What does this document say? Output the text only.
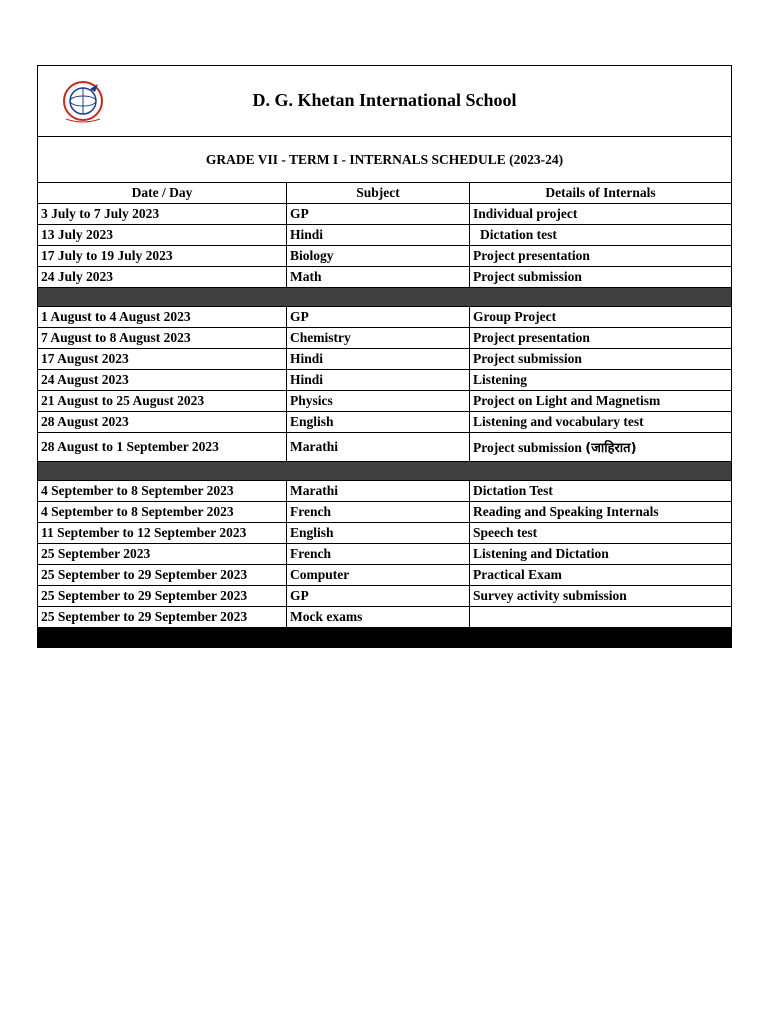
D. G. Khetan International School		

GRADE VII - TERM I - INTERNALS SCHEDULE (2023-24)		
Date / Day	Subject	Details of Internals
3 July to 7 July 2023	GP	Individual project
13 July 2023	Hindi	Dictation test
17 July to 19 July 2023	Biology	Project presentation
24 July 2023	Math	Project submission

1 August to 4 August 2023	GP	Group Project
7 August to 8 August 2023	Chemistry	Project presentation
17 August 2023	Hindi	Project submission
24 August 2023	Hindi	Listening
21 August to 25 August 2023	Physics	Project on Light and Magnetism
28 August 2023	English	Listening and vocabulary test
28 August to 1 September 2023	Marathi	Project submission (जाहिरात)

4 September to 8 September 2023	Marathi	Dictation Test
4 September to 8 September 2023	French	Reading and Speaking Internals
11 September to 12 September 2023	English	Speech test
25 September 2023	French	Listening and Dictation
25 September to 29 September 2023	Computer	Practical Exam
25 September to 29 September 2023	GP	Survey activity submission
25 September to 29 September 2023	Mock exams	
